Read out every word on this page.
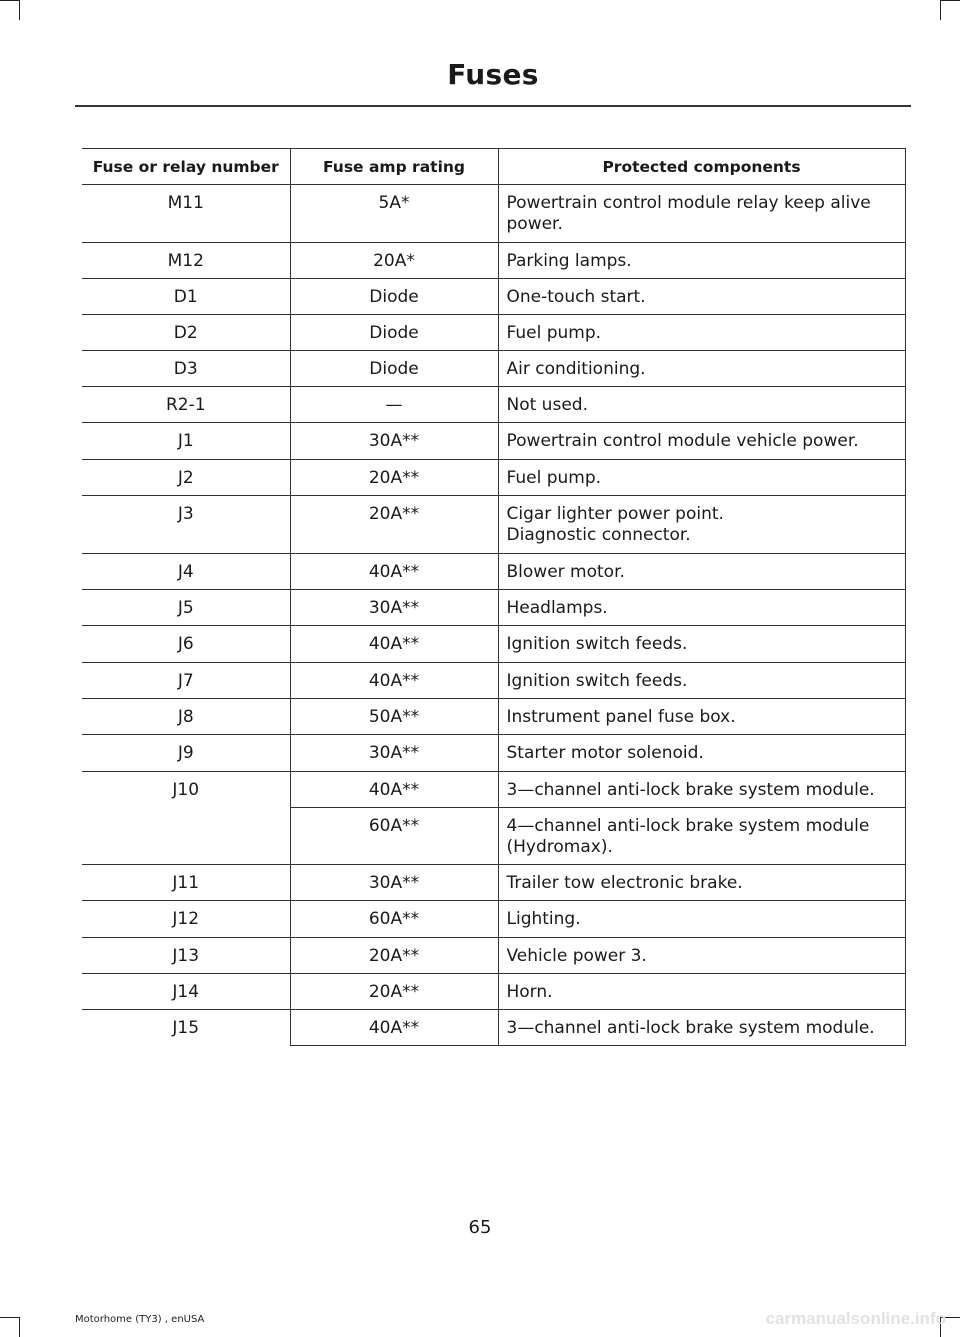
Fuses
Fuse or relay number	Fuse amp rating	Protected components
M11	5A*	Powertrain control module relay keep alive power.
M12	20A*	Parking lamps.
D1	Diode	One-touch start.
D2	Diode	Fuel pump.
D3	Diode	Air conditioning.
R2-1	—	Not used.
J1	30A**	Powertrain control module vehicle power.
J2	20A**	Fuel pump.
J3	20A**	Cigar lighter power point.
Diagnostic connector.
J4	40A**	Blower motor.
J5	30A**	Headlamps.
J6	40A**	Ignition switch feeds.
J7	40A**	Ignition switch feeds.
J8	50A**	Instrument panel fuse box.
J9	30A**	Starter motor solenoid.
J10	40A**	3—channel anti-lock brake system module.
	60A**	4—channel anti-lock brake system module (Hydromax).
J11	30A**	Trailer tow electronic brake.
J12	60A**	Lighting.
J13	20A**	Vehicle power 3.
J14	20A**	Horn.
J15	40A**	3—channel anti-lock brake system module.
65
Motorhome (TY3) , enUSA	carmanualsonline.info
